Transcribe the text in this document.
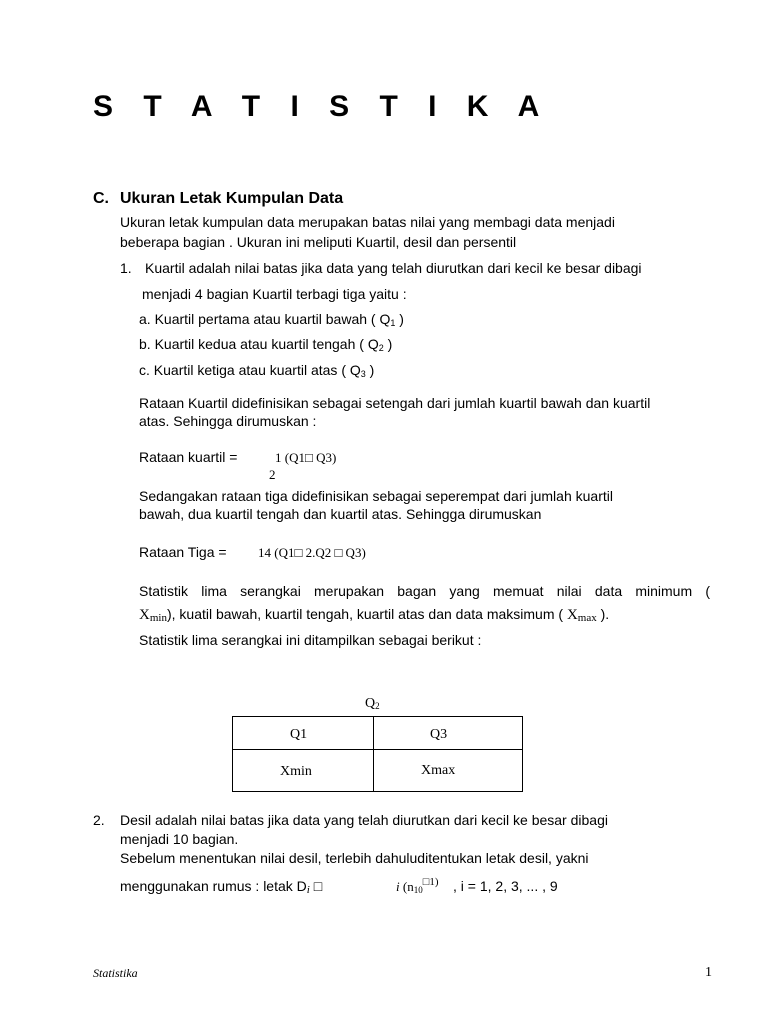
S T A T I S T I K A
C. Ukuran Letak Kumpulan Data
Ukuran letak kumpulan data merupakan batas nilai yang membagi data menjadi
beberapa bagian . Ukuran ini meliputi Kuartil, desil dan persentil
1. Kuartil adalah nilai batas jika data yang telah diurutkan dari kecil ke besar dibagi
menjadi 4 bagian Kuartil terbagi tiga yaitu :
a. Kuartil pertama atau kuartil bawah ( $Q_1$ )
b. Kuartil kedua atau kuartil tengah ( $Q_2$ )
c. Kuartil ketiga atau kuartil atas ( $Q_3$ )
Rataan Kuartil didefinisikan sebagai setengah dari jumlah kuartil bawah dan kuartil
atas. Sehingga dirumuskan :
Rataan kuartil =	1 (Q1□ Q3)
2
Sedangakan rataan tiga didefinisikan sebagai seperempat dari jumlah kuartil
bawah, dua kuartil tengah dan kuartil atas. Sehingga dirumuskan
Rataan Tiga = 14 (Q1□ 2.Q2 □ Q3)
Statistik lima serangkai merupakan bagan yang memuat nilai data minimum (
$X_{min}$), kuatil bawah, kuartil tengah, kuartil atas dan data maksimum ( $X_{max}$ ).
Statistik lima serangkai ini ditampilkan sebagai berikut :
$Q_2$
Q1	Q3
Xmin	Xmax
2. Desil adalah nilai batas jika data yang telah diurutkan dari kecil ke besar dibagi
menjadi 10 bagian.
Sebelum menentukan nilai desil, terlebih dahuluditentukan letak desil, yakni
menggunakan rumus : letak $D_i$ □	i ($n_{10}^{□1)}$ , i = 1, 2, 3, ... , 9
Statistika	1
